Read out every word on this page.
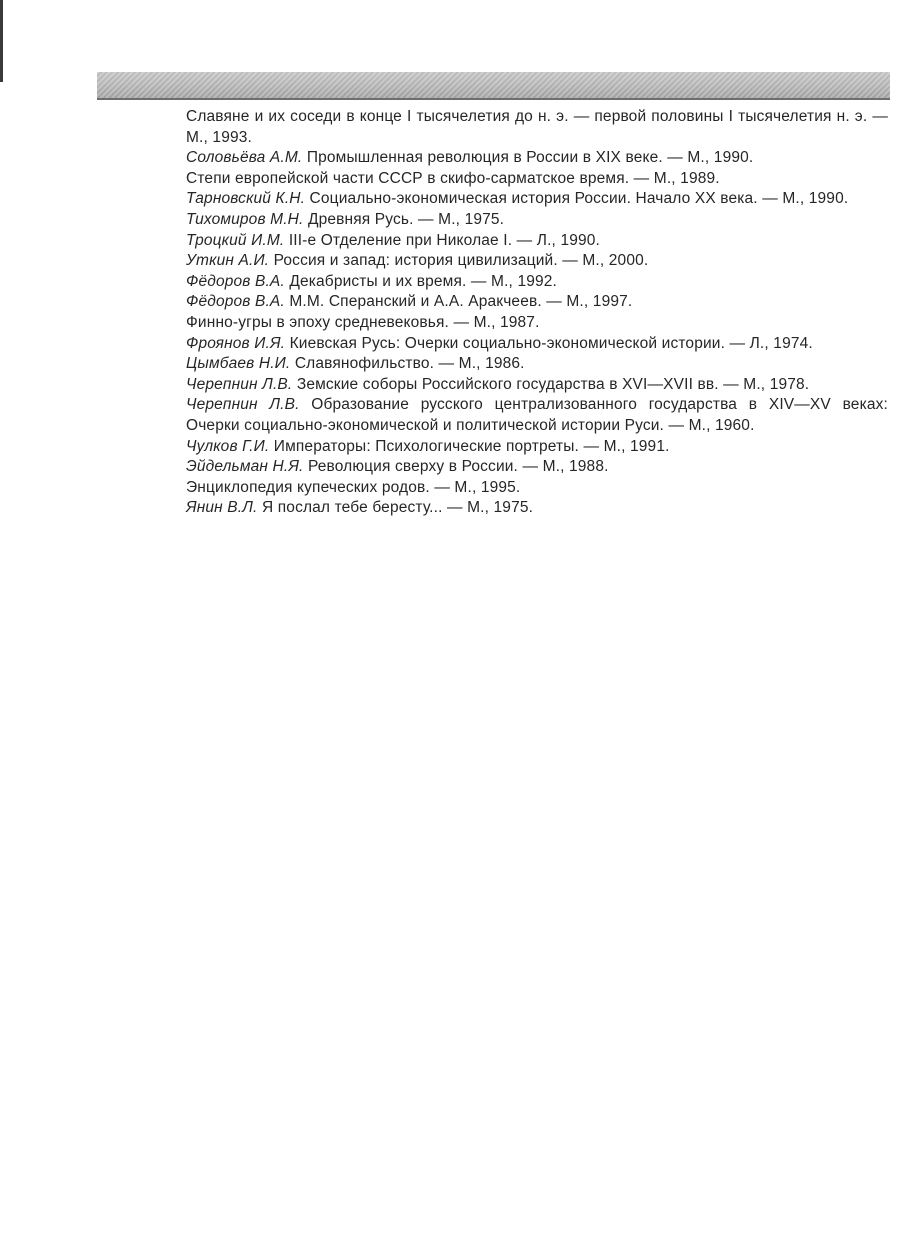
Славяне и их соседи в конце I тысячелетия до н. э. — первой половины I тысячелетия н. э. — М., 1993.
Соловьёва А.М. Промышленная революция в России в XIX веке. — М., 1990.
Степи европейской части СССР в скифо-сарматское время. — М., 1989.
Тарновский К.Н. Социально-экономическая история России. Начало XX века. — М., 1990.
Тихомиров М.Н. Древняя Русь. — М., 1975.
Троцкий И.М. III-е Отделение при Николае I. — Л., 1990.
Уткин А.И. Россия и запад: история цивилизаций. — М., 2000.
Фёдоров В.А. Декабристы и их время. — М., 1992.
Фёдоров В.А. М.М. Сперанский и А.А. Аракчеев. — М., 1997.
Финно-угры в эпоху средневековья. — М., 1987.
Фроянов И.Я. Киевская Русь: Очерки социально-экономической истории. — Л., 1974.
Цымбаев Н.И. Славянофильство. — М., 1986.
Черепнин Л.В. Земские соборы Российского государства в XVI—XVII вв. — М., 1978.
Черепнин Л.В. Образование русского централизованного государства в XIV—XV веках: Очерки социально-экономической и политической истории Руси. — М., 1960.
Чулков Г.И. Императоры: Психологические портреты. — М., 1991.
Эйдельман Н.Я. Революция сверху в России. — М., 1988.
Энциклопедия купеческих родов. — М., 1995.
Янин В.Л. Я послал тебе бересту... — М., 1975.
